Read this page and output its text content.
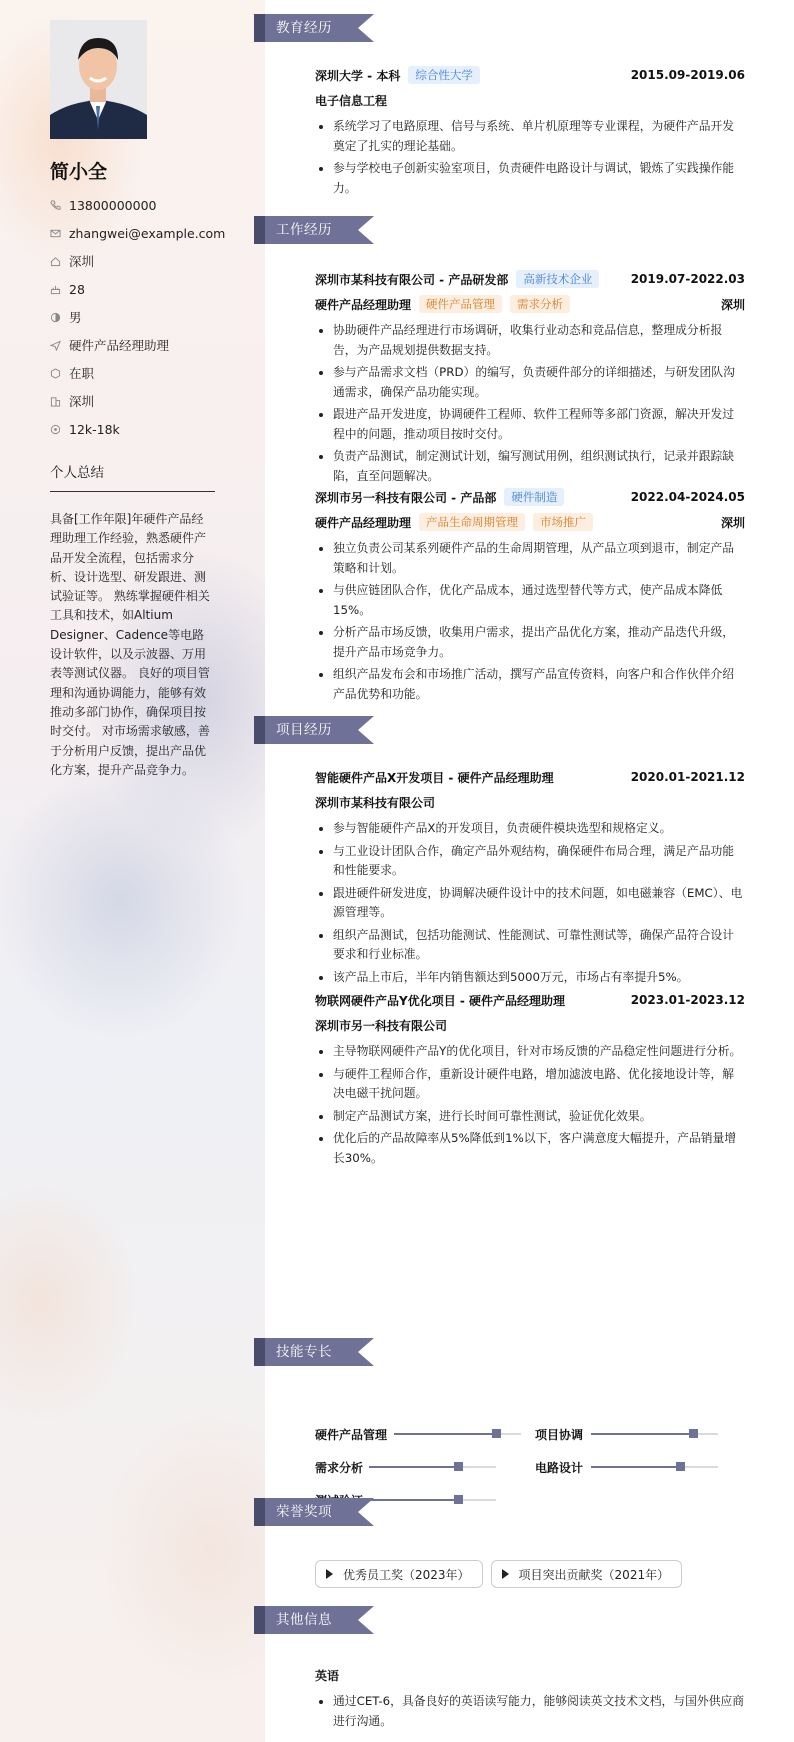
简小全
13800000000
zhangwei@example.com
深圳
28
男
硬件产品经理助理
在职
深圳
12k-18k
个人总结
具备[工作年限]年硬件产品经理助理工作经验，熟悉硬件产品开发全流程，包括需求分析、设计选型、研发跟进、测试验证等。 熟练掌握硬件相关工具和技术，如Altium Designer、Cadence等电路设计软件，以及示波器、万用表等测试仪器。 良好的项目管理和沟通协调能力，能够有效推动多部门协作，确保项目按时交付。 对市场需求敏感，善于分析用户反馈，提出产品优化方案，提升产品竞争力。
教育经历
深圳大学 - 本科	综合性大学	2015.09-2019.06
电子信息工程
系统学习了电路原理、信号与系统、单片机原理等专业课程，为硬件产品开发奠定了扎实的理论基础。
参与学校电子创新实验室项目，负责硬件电路设计与调试，锻炼了实践操作能力。
工作经历
深圳市某科技有限公司 - 产品研发部	高新技术企业	2019.07-2022.03
硬件产品经理助理	硬件产品管理	需求分析	深圳
协助硬件产品经理进行市场调研，收集行业动态和竞品信息，整理成分析报告，为产品规划提供数据支持。
参与产品需求文档（PRD）的编写，负责硬件部分的详细描述，与研发团队沟通需求，确保产品功能实现。
跟进产品开发进度，协调硬件工程师、软件工程师等多部门资源，解决开发过程中的问题，推动项目按时交付。
负责产品测试，制定测试计划，编写测试用例，组织测试执行，记录并跟踪缺陷，直至问题解决。
深圳市另一科技有限公司 - 产品部	硬件制造	2022.04-2024.05
硬件产品经理助理	产品生命周期管理	市场推广	深圳
独立负责公司某系列硬件产品的生命周期管理，从产品立项到退市，制定产品策略和计划。
与供应链团队合作，优化产品成本，通过选型替代等方式，使产品成本降低15%。
分析产品市场反馈，收集用户需求，提出产品优化方案，推动产品迭代升级，提升产品市场竞争力。
组织产品发布会和市场推广活动，撰写产品宣传资料，向客户和合作伙伴介绍产品优势和功能。
项目经历
智能硬件产品X开发项目 - 硬件产品经理助理	2020.01-2021.12
深圳市某科技有限公司
参与智能硬件产品X的开发项目，负责硬件模块选型和规格定义。
与工业设计团队合作，确定产品外观结构，确保硬件布局合理，满足产品功能和性能要求。
跟进硬件研发进度，协调解决硬件设计中的技术问题，如电磁兼容（EMC）、电源管理等。
组织产品测试，包括功能测试、性能测试、可靠性测试等，确保产品符合设计要求和行业标准。
该产品上市后，半年内销售额达到5000万元，市场占有率提升5%。
物联网硬件产品Y优化项目 - 硬件产品经理助理	2023.01-2023.12
深圳市另一科技有限公司
主导物联网硬件产品Y的优化项目，针对市场反馈的产品稳定性问题进行分析。
与硬件工程师合作，重新设计硬件电路，增加滤波电路、优化接地设计等，解决电磁干扰问题。
制定产品测试方案，进行长时间可靠性测试，验证优化效果。
优化后的产品故障率从5%降低到1%以下，客户满意度大幅提升，产品销量增长30%。
技能专长
硬件产品管理	项目协调
需求分析	电路设计
荣誉奖项
优秀员工奖（2023年）	项目突出贡献奖（2021年）
其他信息
英语
通过CET-6，具备良好的英语读写能力，能够阅读英文技术文档，与国外供应商进行沟通。
